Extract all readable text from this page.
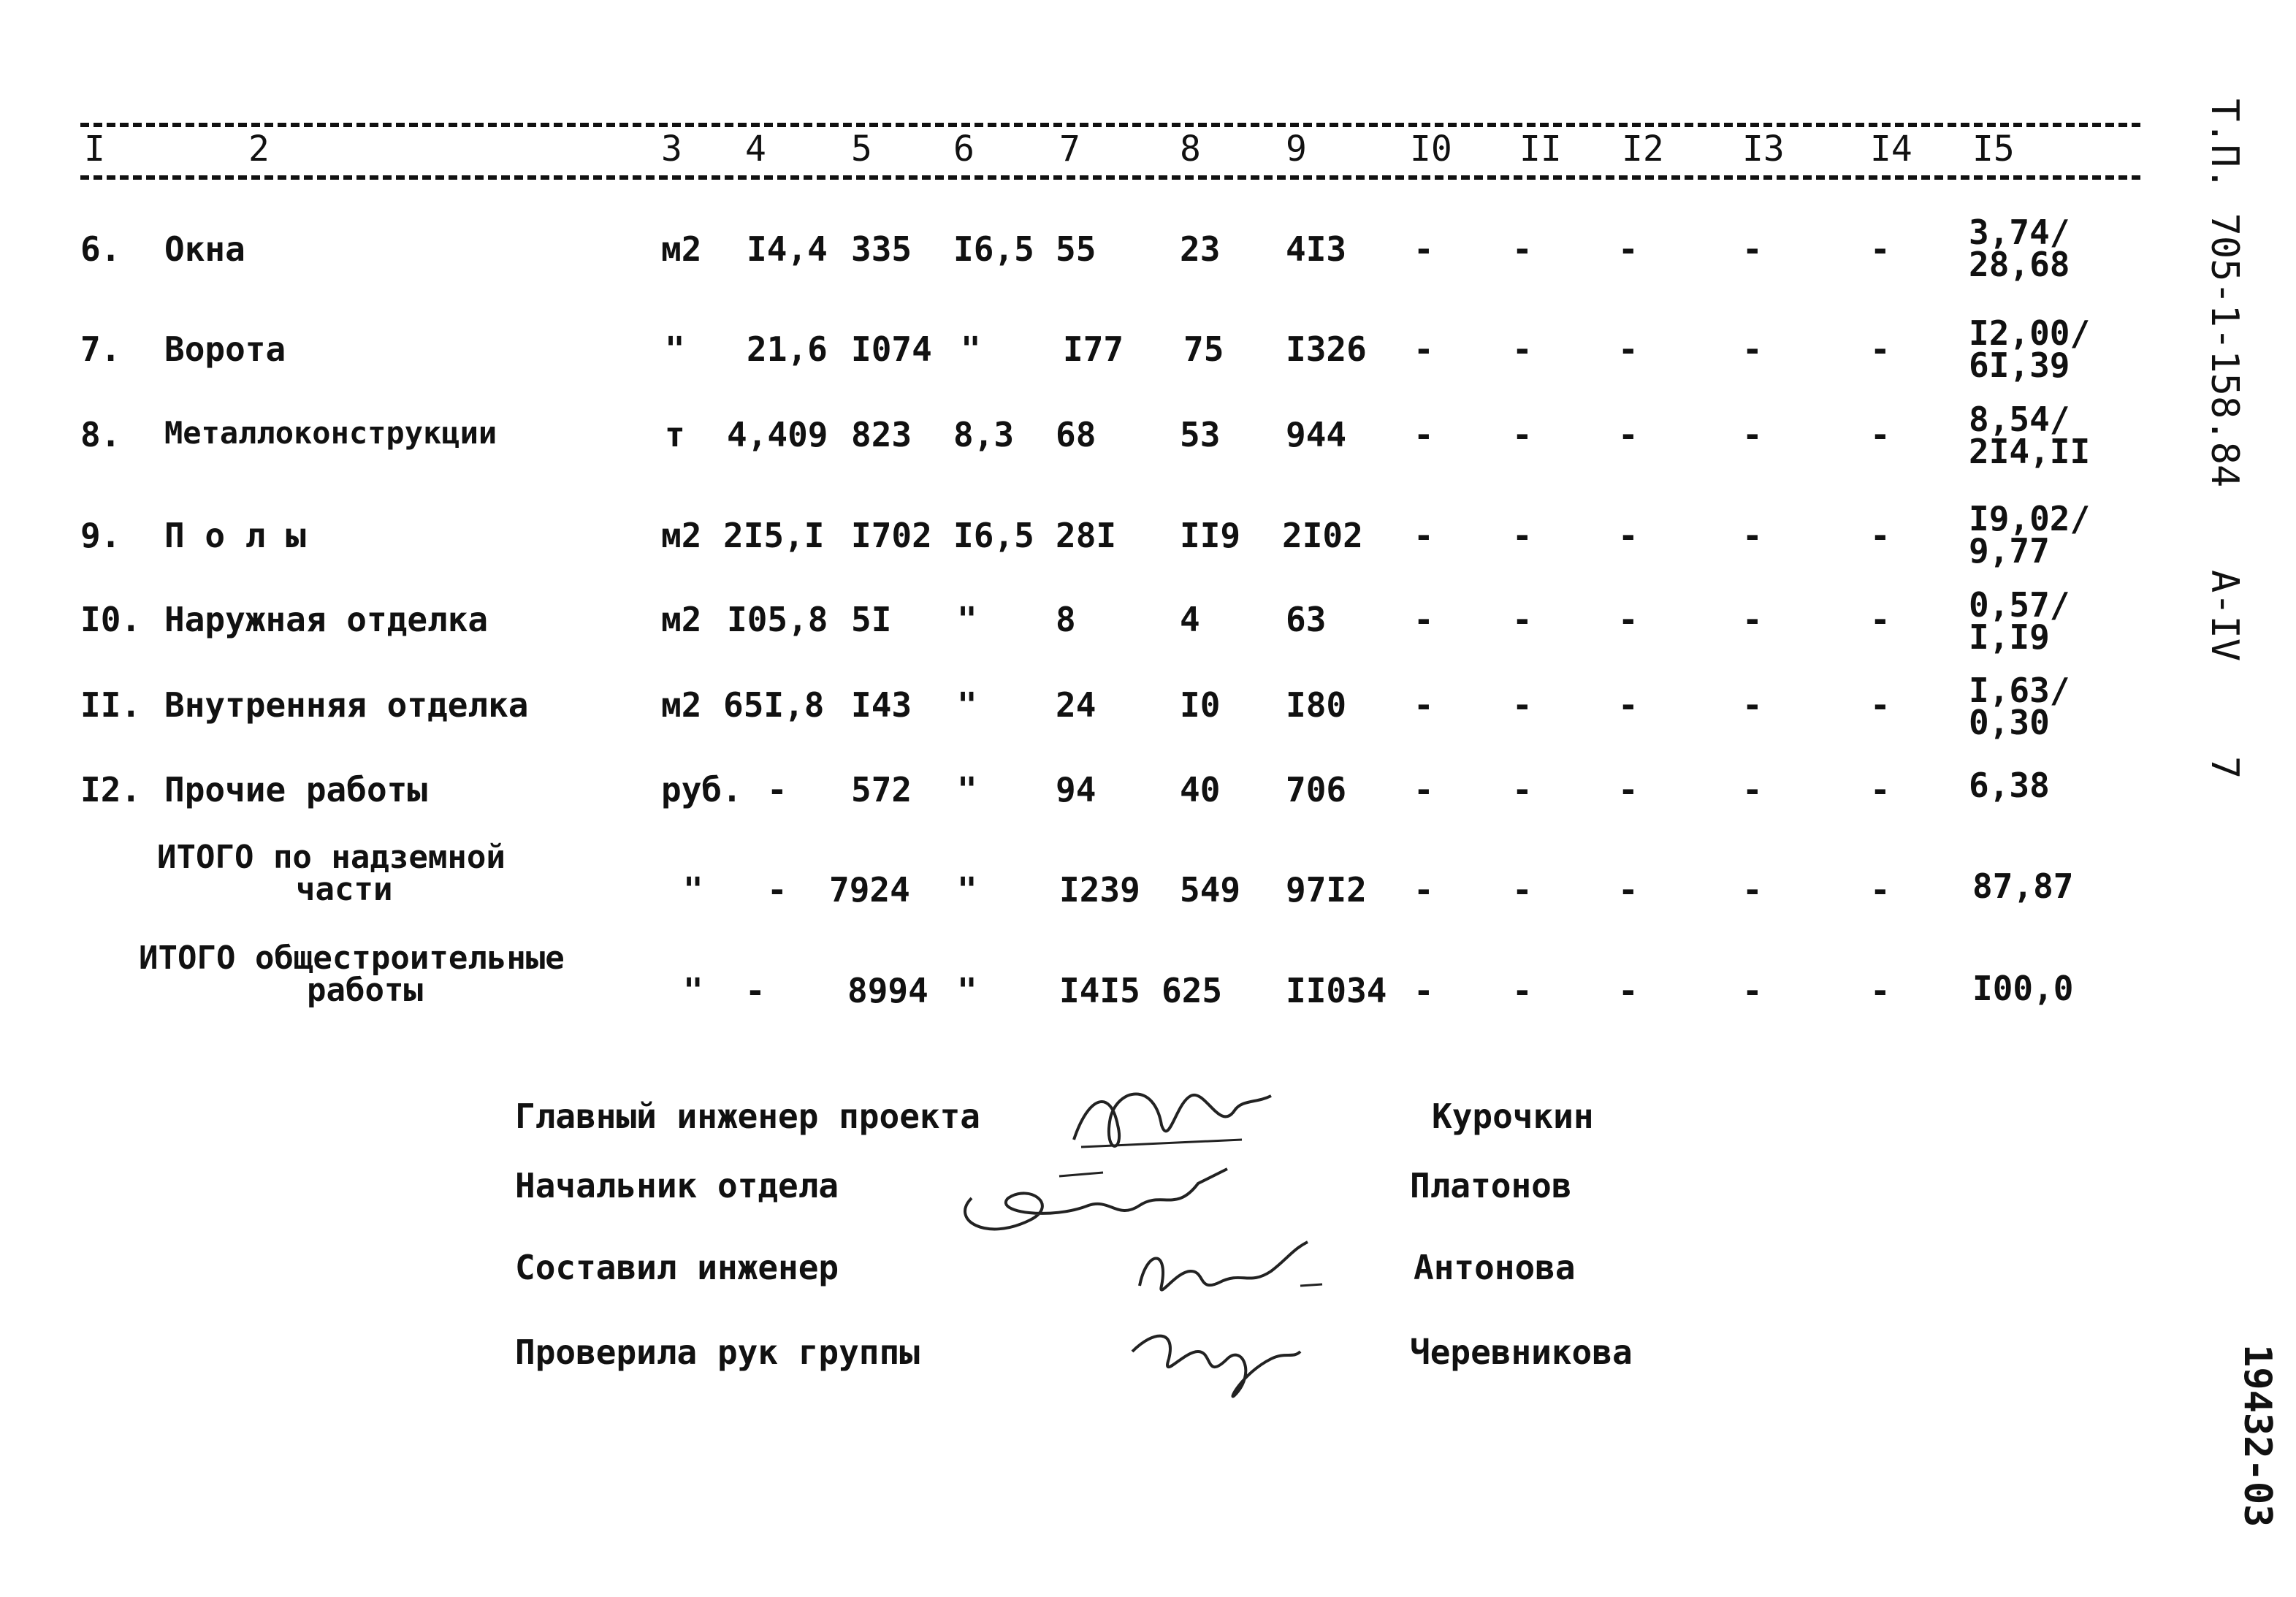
I	2	3 4 5 6 7	8 9	I0 II I2 I3 I4 I5
6. Окна	м2 I4,4 335 I6,5 55 23 4I3 - -	-	-	- 3,74/
28,68
7. Ворота	" 21,6 I074 " I77 75 I326 - -	-	-	- I2,00/
6I,39
8. Металлоконструкции	т 4,409 823 8,3 68 53 944 - -	-	-	- 8,54/
2I4,II
9. П о л ы	м2 2I5,I I702 I6,5 28I II9 2I02 - -	-	-	- I9,02/
9,77
I0. Наружная отделка	м2 I05,8 5I " 8	4	63	- -	-	-	- 0,57/
I,I9
II. Внутренняя отделка	м2 65I,8 I43 " 24 I0 I80 - -	-	-	- I,63/
0,30
I2. Прочие работы	руб. - 572 " 94 40 706 - -	-	-	- 6,38
ИТОГО по надземной
части	" - 7924 " I239 549 97I2 - -	-	-	- 87,87
ИТОГО общестроительные
работы	" - 8994 " I4I5 625 II034 - -	-	-	- I00,0
Главный инженер проекта	Курочкин
Начальник отдела	Платонов
Составил инженер	Антонова
Проверила рук группы	Черевникова
Т.П. 705-1-158.84
А-IV
7
19432-03
